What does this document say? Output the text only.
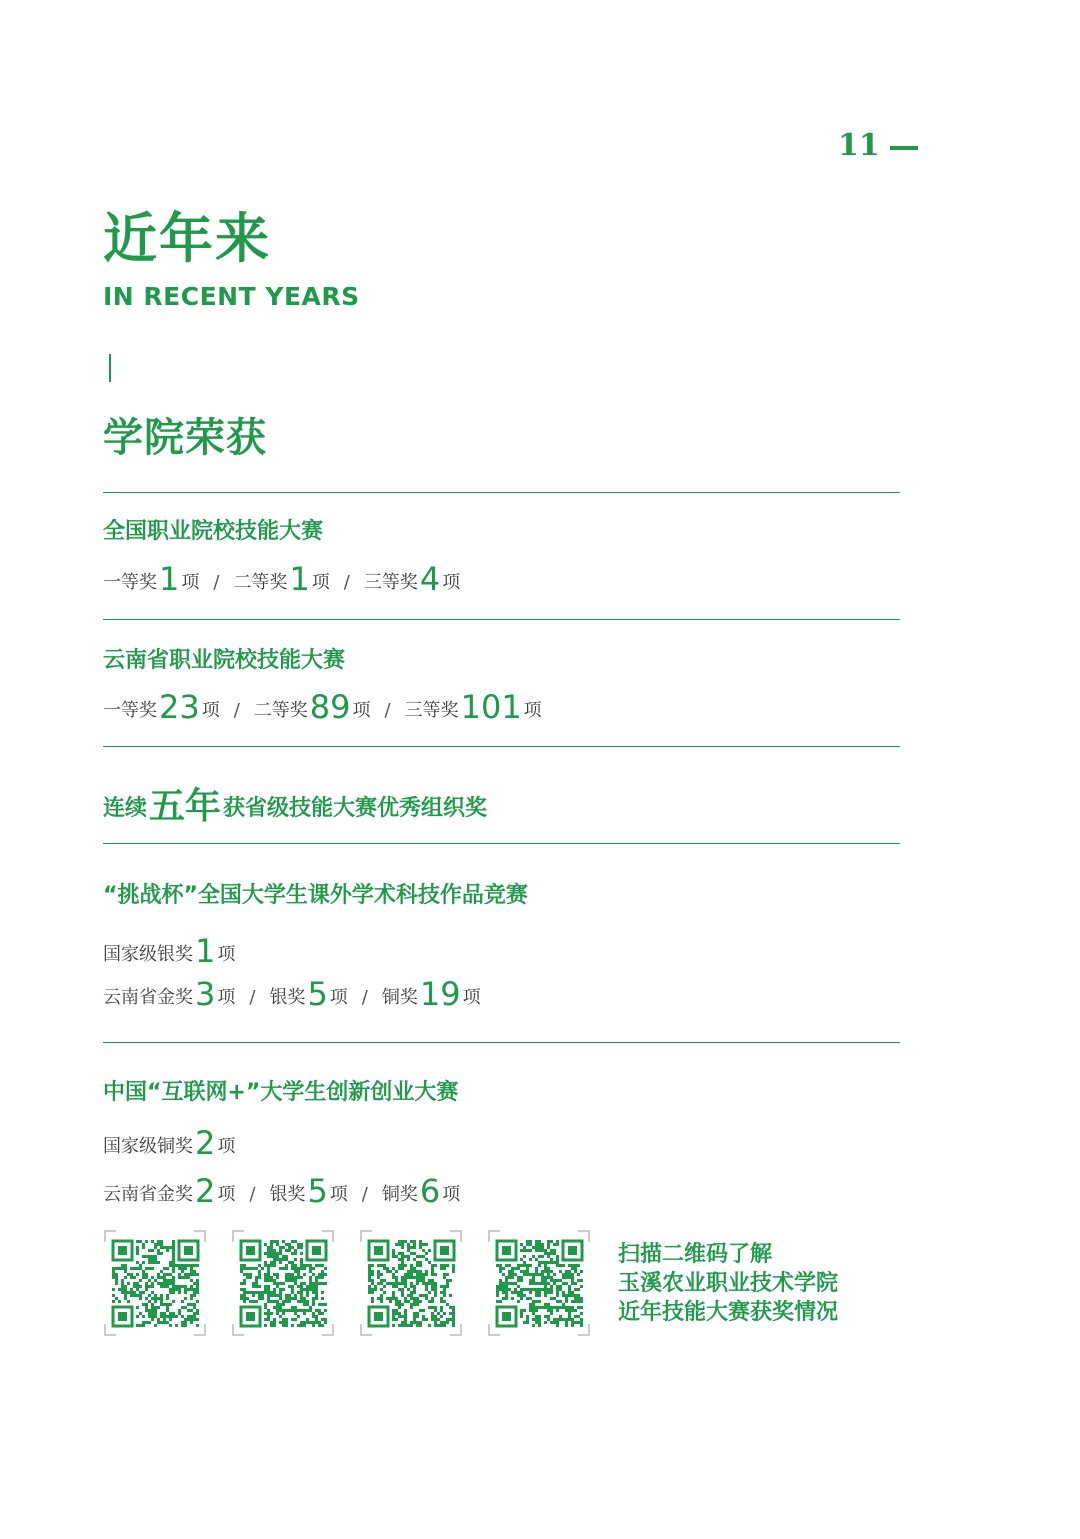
11
近年来
IN RECENT YEARS
学院荣获
全国职业院校技能大赛
一等奖1 项 / 二等奖1 项 / 三等奖4 项
云南省职业院校技能大赛
一等奖23 项 / 二等奖89 项 / 三等奖101 项
连续五年获省级技能大赛优秀组织奖
“挑战杯”全国大学生课外学术科技作品竞赛
国家级银奖1 项
云南省金奖3 项 / 银奖5 项 / 铜奖19 项
中国“互联网+”大学生创新创业大赛
国家级铜奖2 项
云南省金奖2 项 / 银奖5 项 / 铜奖6 项
扫描二维码了解
玉溪农业职业技术学院
近年技能大赛获奖情况
